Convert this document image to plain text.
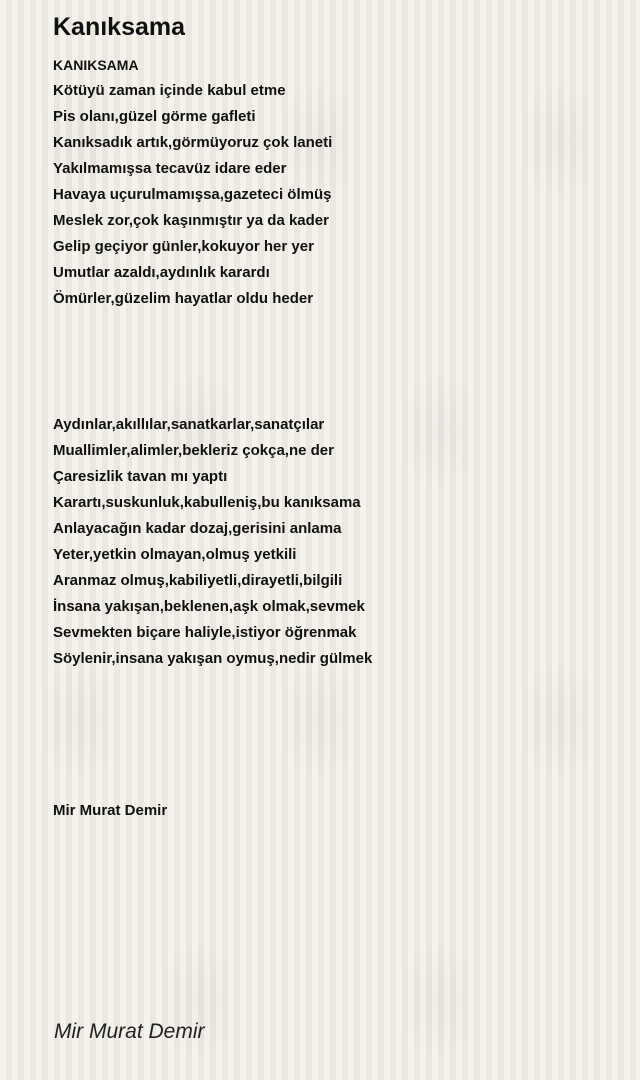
Kanıksama
KANIKSAMA
Kötüyü zaman içinde kabul etme
Pis olanı,güzel görme gafleti
Kanıksadık artık,görmüyoruz çok laneti
Yakılmamışsa tecavüz idare eder
Havaya uçurulmamışsa,gazeteci ölmüş
Meslek zor,çok kaşınmıştır ya da kader
Gelip geçiyor günler,kokuyor her yer
Umutlar azaldı,aydınlık karardı
Ömürler,güzelim hayatlar oldu heder
Aydınlar,akıllılar,sanatkarlar,sanatçılar
Muallimler,alimler,bekleriz çokça,ne der
Çaresizlik tavan mı yaptı
Karartı,suskunluk,kabulleniş,bu kanıksama
Anlayacağın kadar dozaj,gerisini anlama
Yeter,yetkin olmayan,olmuş yetkili
Aranmaz olmuş,kabiliyetli,dirayetli,bilgili
İnsana yakışan,beklenen,aşk olmak,sevmek
Sevmekten biçare haliyle,istiyor öğrenmak
Söylenir,insana yakışan oymuş,nedir gülmek
Mir Murat Demir
Mir Murat Demir
